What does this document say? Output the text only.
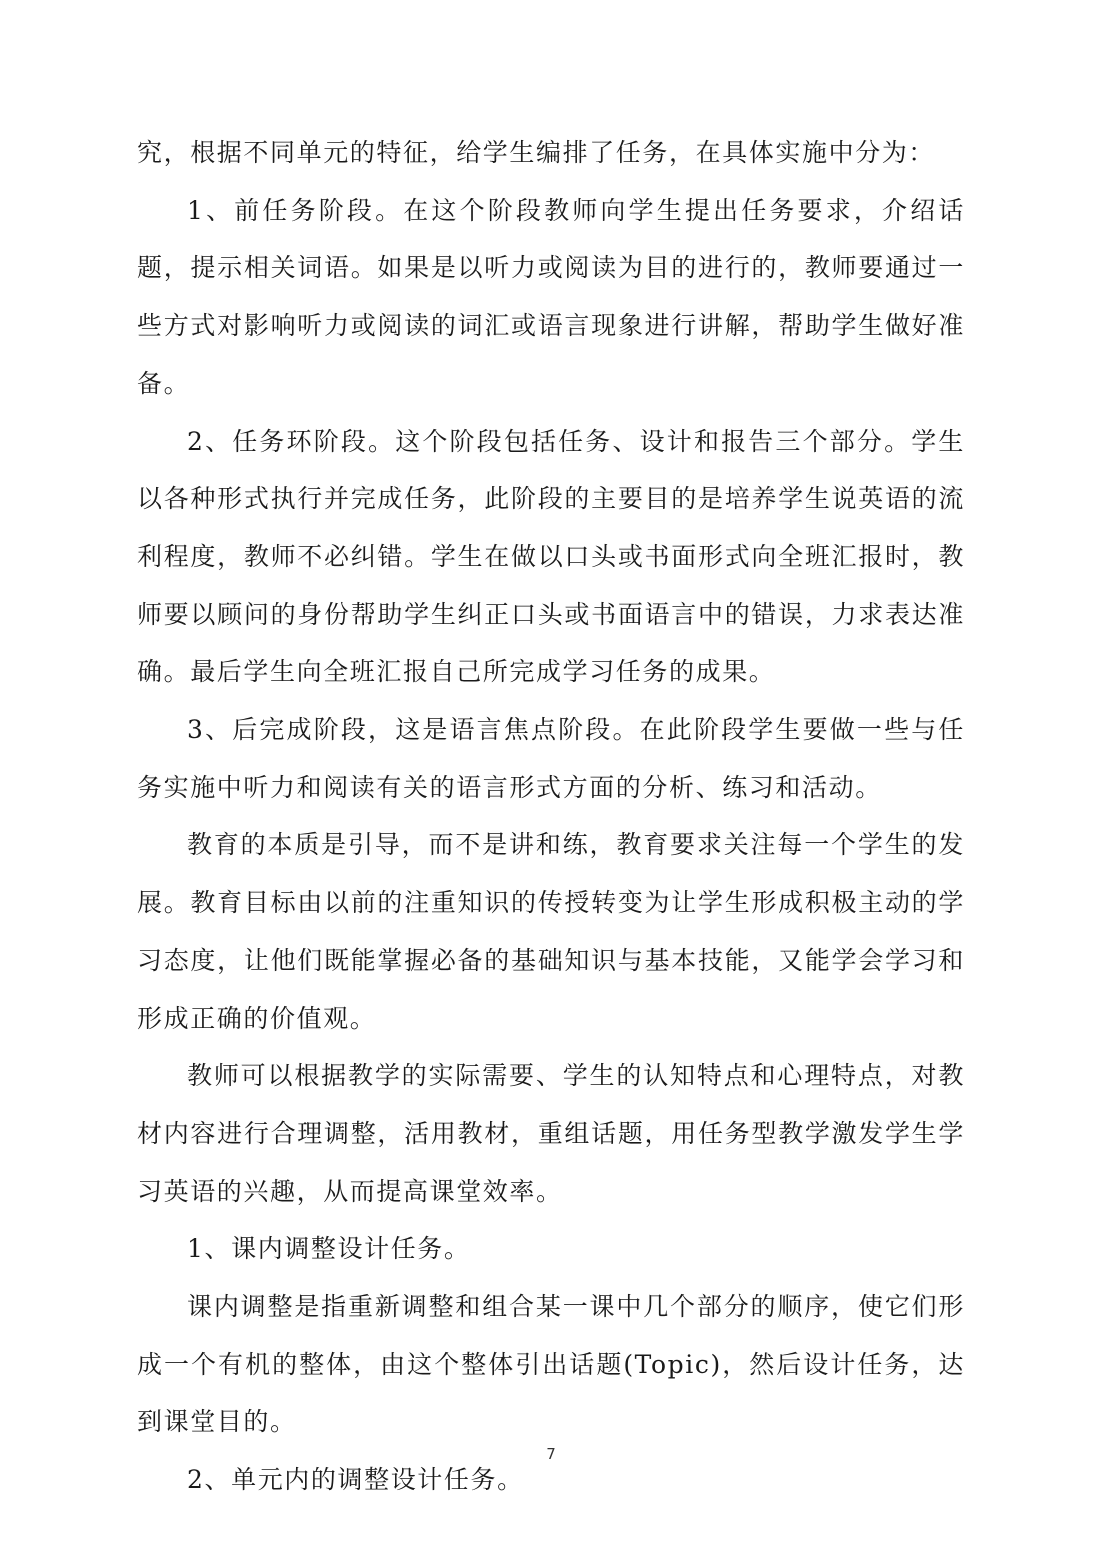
究，根据不同单元的特征，给学生编排了任务，在具体实施中分为：

1、前任务阶段。在这个阶段教师向学生提出任务要求，介绍话题，提示相关词语。如果是以听力或阅读为目的进行的，教师要通过一些方式对影响听力或阅读的词汇或语言现象进行讲解，帮助学生做好准备。

2、任务环阶段。这个阶段包括任务、设计和报告三个部分。学生以各种形式执行并完成任务，此阶段的主要目的是培养学生说英语的流利程度，教师不必纠错。学生在做以口头或书面形式向全班汇报时，教师要以顾问的身份帮助学生纠正口头或书面语言中的错误，力求表达准确。最后学生向全班汇报自己所完成学习任务的成果。

3、后完成阶段，这是语言焦点阶段。在此阶段学生要做一些与任务实施中听力和阅读有关的语言形式方面的分析、练习和活动。

教育的本质是引导，而不是讲和练，教育要求关注每一个学生的发展。教育目标由以前的注重知识的传授转变为让学生形成积极主动的学习态度，让他们既能掌握必备的基础知识与基本技能，又能学会学习和形成正确的价值观。

教师可以根据教学的实际需要、学生的认知特点和心理特点，对教材内容进行合理调整，活用教材，重组话题，用任务型教学激发学生学习英语的兴趣，从而提高课堂效率。

1、课内调整设计任务。

课内调整是指重新调整和组合某一课中几个部分的顺序，使它们形成一个有机的整体，由这个整体引出话题(Topic)，然后设计任务，达到课堂目的。

2、单元内的调整设计任务。

7
